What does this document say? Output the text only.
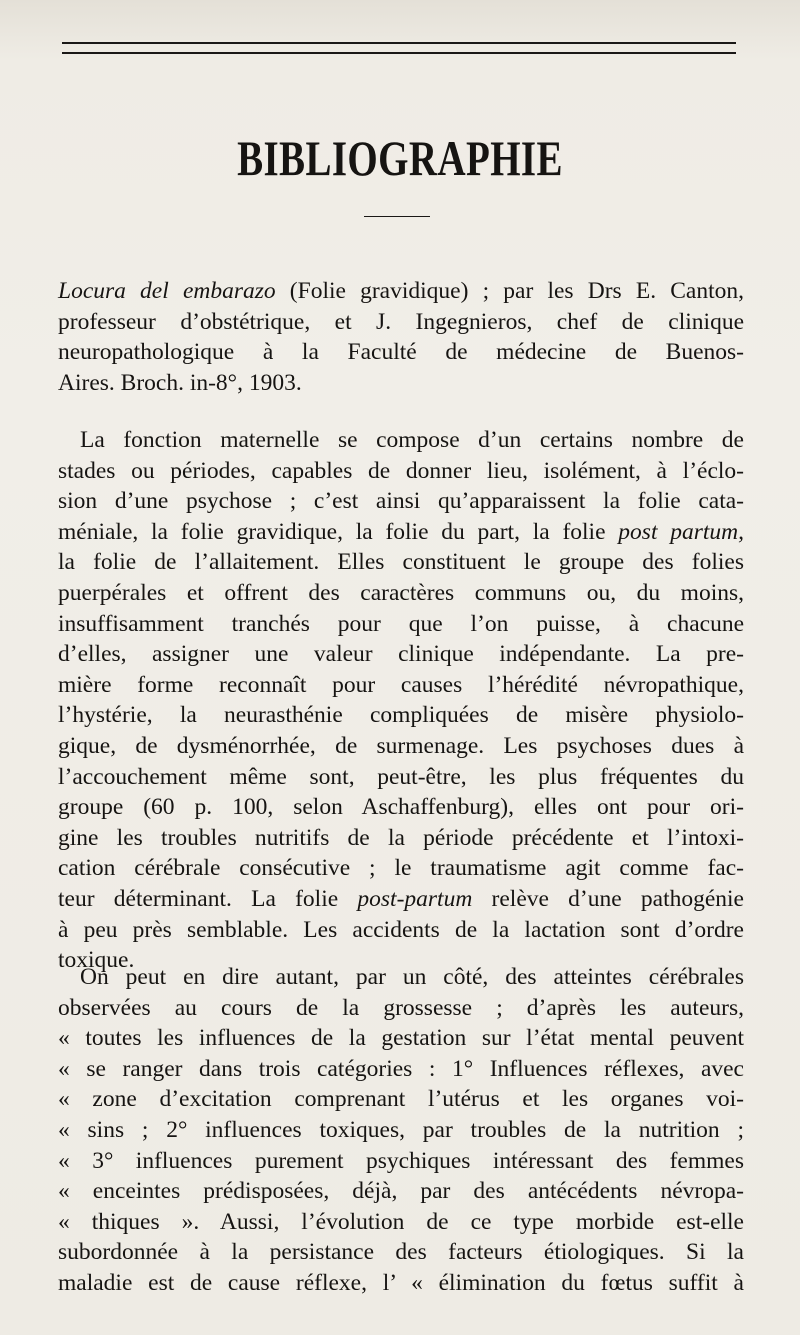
BIBLIOGRAPHIE
Locura del embarazo (Folie gravidique) ; par les Drs E. Canton,
professeur d’obstétrique, et J. Ingegnieros, chef de clinique
neuropathologique à la Faculté de médecine de Buenos-
Aires. Broch. in-8°, 1903.
La fonction maternelle se compose d’un certains nombre de
stades ou périodes, capables de donner lieu, isolément, à l’éclo-
sion d’une psychose ; c’est ainsi qu’apparaissent la folie cata-
méniale, la folie gravidique, la folie du part, la folie post partum,
la folie de l’allaitement. Elles constituent le groupe des folies
puerpérales et offrent des caractères communs ou, du moins,
insuffisamment tranchés pour que l’on puisse, à chacune
d’elles, assigner une valeur clinique indépendante. La pre-
mière forme reconnaît pour causes l’hérédité névropathique,
l’hystérie, la neurasthénie compliquées de misère physiolo-
gique, de dysménorrhée, de surmenage. Les psychoses dues à
l’accouchement même sont, peut-être, les plus fréquentes du
groupe (60 p. 100, selon Aschaffenburg), elles ont pour ori-
gine les troubles nutritifs de la période précédente et l’intoxi-
cation cérébrale consécutive ; le traumatisme agit comme fac-
teur déterminant. La folie post-partum relève d’une pathogénie
à peu près semblable. Les accidents de la lactation sont d’ordre
toxique.
On peut en dire autant, par un côté, des atteintes cérébrales
observées au cours de la grossesse ; d’après les auteurs,
« toutes les influences de la gestation sur l’état mental peuvent
« se ranger dans trois catégories : 1° Influences réflexes, avec
« zone d’excitation comprenant l’utérus et les organes voi-
« sins ; 2° influences toxiques, par troubles de la nutrition ;
« 3° influences purement psychiques intéressant des femmes
« enceintes prédisposées, déjà, par des antécédents névropa-
« thiques ». Aussi, l’évolution de ce type morbide est-elle
subordonnée à la persistance des facteurs étiologiques. Si la
maladie est de cause réflexe, l’ « élimination du fœtus suffit à
